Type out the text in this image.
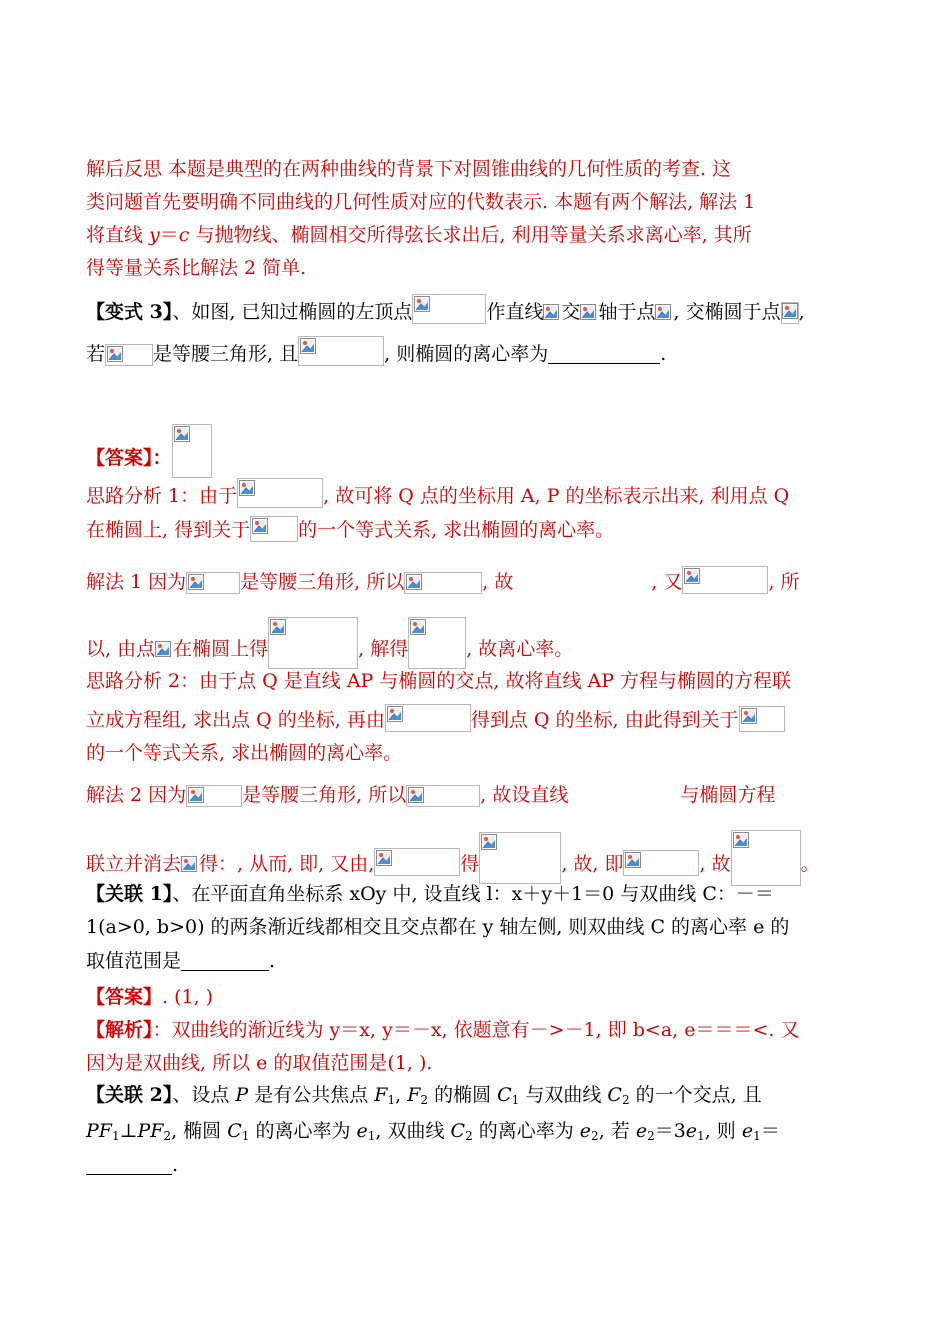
解后反思 本题是典型的在两种曲线的背景下对圆锥曲线的几何性质的考查. 这
类问题首先要明确不同曲线的几何性质对应的代数表示. 本题有两个解法, 解法 1
将直线 y＝c 与抛物线、椭圆相交所得弦长求出后, 利用等量关系求离心率, 其所
得等量关系比解法 2 简单.
【变式 3】、如图, 已知过椭圆的左顶点	作直线 交 轴于点 , 交椭圆于点 ,
若	是等腰三角形, 且	, 则椭圆的离心率为	.
【答案】：
思路分析 1：由于	, 故可将 Q 点的坐标用 A, P 的坐标表示出来, 利用点 Q
在椭圆上, 得到关于	的一个等式关系, 求出椭圆的离心率。
解法 1 因为	是等腰三角形, 所以	, 故	, 又	, 所
以, 由点 在椭圆上得	, 解得	, 故离心率。
思路分析 2：由于点 Q 是直线 AP 与椭圆的交点, 故将直线 AP 方程与椭圆的方程联
立成方程组, 求出点 Q 的坐标, 再由	得到点 Q 的坐标, 由此得到关于
的一个等式关系, 求出椭圆的离心率。
解法 2 因为	是等腰三角形, 所以	, 故设直线	与椭圆方程
联立并消去 得：, 从而, 即, 又由,	得	, 故, 即	, 故	。
【关联 1】、在平面直角坐标系 xOy 中, 设直线 l：x＋y＋1＝0 与双曲线 C：－＝
1(a>0, b>0) 的两条渐近线都相交且交点都在 y 轴左侧, 则双曲线 C 的离心率 e 的
取值范围是	.
【答案】. (1, )
【解析】：双曲线的渐近线为 y＝x, y＝－x, 依题意有－>－1, 即 b<a, e＝＝＝<. 又
因为是双曲线, 所以 e 的取值范围是(1, ).
【关联 2】、设点 P 是有公共焦点 $F_1$, $F_2$ 的椭圆 $C_1$ 与双曲线 $C_2$ 的一个交点, 且
$PF_1\perp PF_2$, 椭圆 $C_1$ 的离心率为 $e_1$, 双曲线 $C_2$ 的离心率为 $e_2$, 若 $e_2=3e_1$, 则 $e_1=$
.
